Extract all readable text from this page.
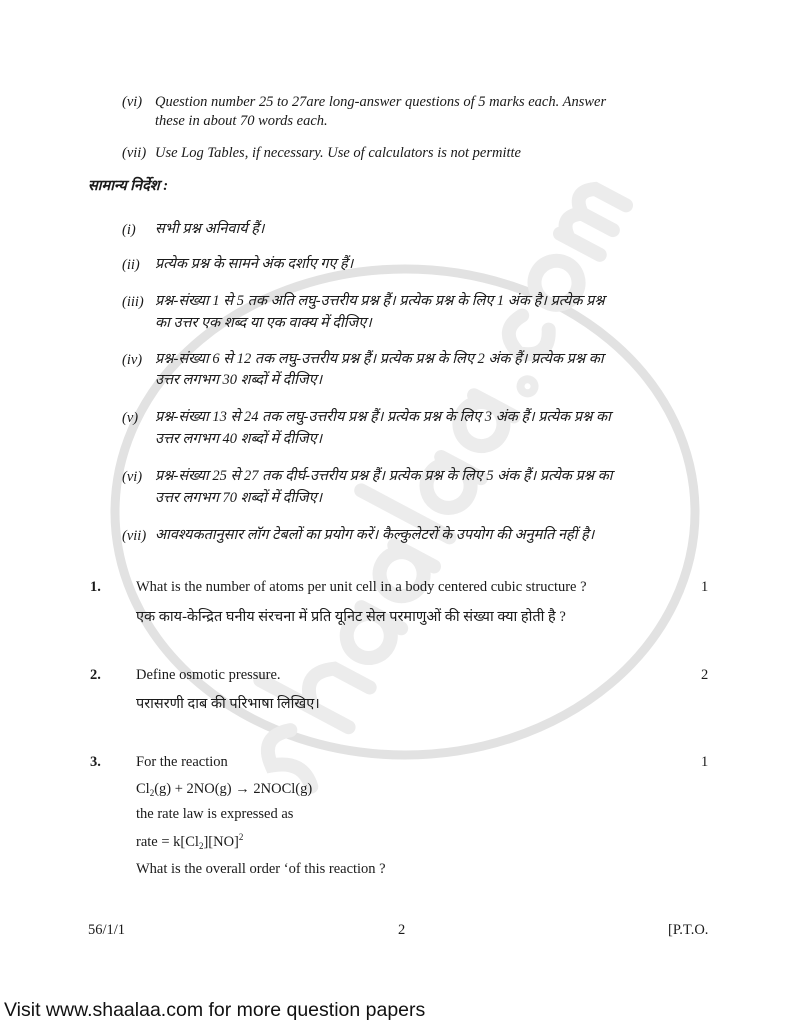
(vi) Question number 25 to 27are long-answer questions of 5 marks each. Answer
these in about 70 words each.
(vii) Use Log Tables, if necessary. Use of calculators is not permitte
सामान्य निर्देश :
(i) सभी प्रश्न अनिवार्य हैं।
(ii) प्रत्येक प्रश्न के सामने अंक दर्शाए गए हैं।
(iii) प्रश्न-संख्या 1 से 5 तक अति लघु-उत्तरीय प्रश्न हैं। प्रत्येक प्रश्न के लिए 1 अंक है। प्रत्येक प्रश्न
का उत्तर एक शब्द या एक वाक्य में दीजिए।
(iv) प्रश्न-संख्या 6 से 12 तक लघु-उत्तरीय प्रश्न हैं। प्रत्येक प्रश्न के लिए 2 अंक हैं। प्रत्येक प्रश्न का
उत्तर लगभग 30 शब्दों में दीजिए।
(v) प्रश्न-संख्या 13 से 24 तक लघु-उत्तरीय प्रश्न हैं। प्रत्येक प्रश्न के लिए 3 अंक हैं। प्रत्येक प्रश्न का
उत्तर लगभग 40 शब्दों में दीजिए।
(vi) प्रश्न-संख्या 25 से 27 तक दीर्घ-उत्तरीय प्रश्न हैं। प्रत्येक प्रश्न के लिए 5 अंक हैं। प्रत्येक प्रश्न का
उत्तर लगभग 70 शब्दों में दीजिए।
(vii) आवश्यकतानुसार लॉग टेबलों का प्रयोग करें। कैल्कुलेटरों के उपयोग की अनुमति नहीं है।
1. What is the number of atoms per unit cell in a body centered cubic structure ?	1
एक काय-केन्द्रित घनीय संरचना में प्रति यूनिट सेल परमाणुओं की संख्या क्या होती है ?
2. Define osmotic pressure.	2
परासरणी दाब की परिभाषा लिखिए।
3. For the reaction	1
$Cl_2(g) + 2NO(g)$ → 2NOCl(g)
the rate law is expressed as
rate = $k[Cl_2][NO]^2$
What is the overall order ‘of this reaction ?
56/1/1	2	[P.T.O.
Visit www.shaalaa.com for more question papers
